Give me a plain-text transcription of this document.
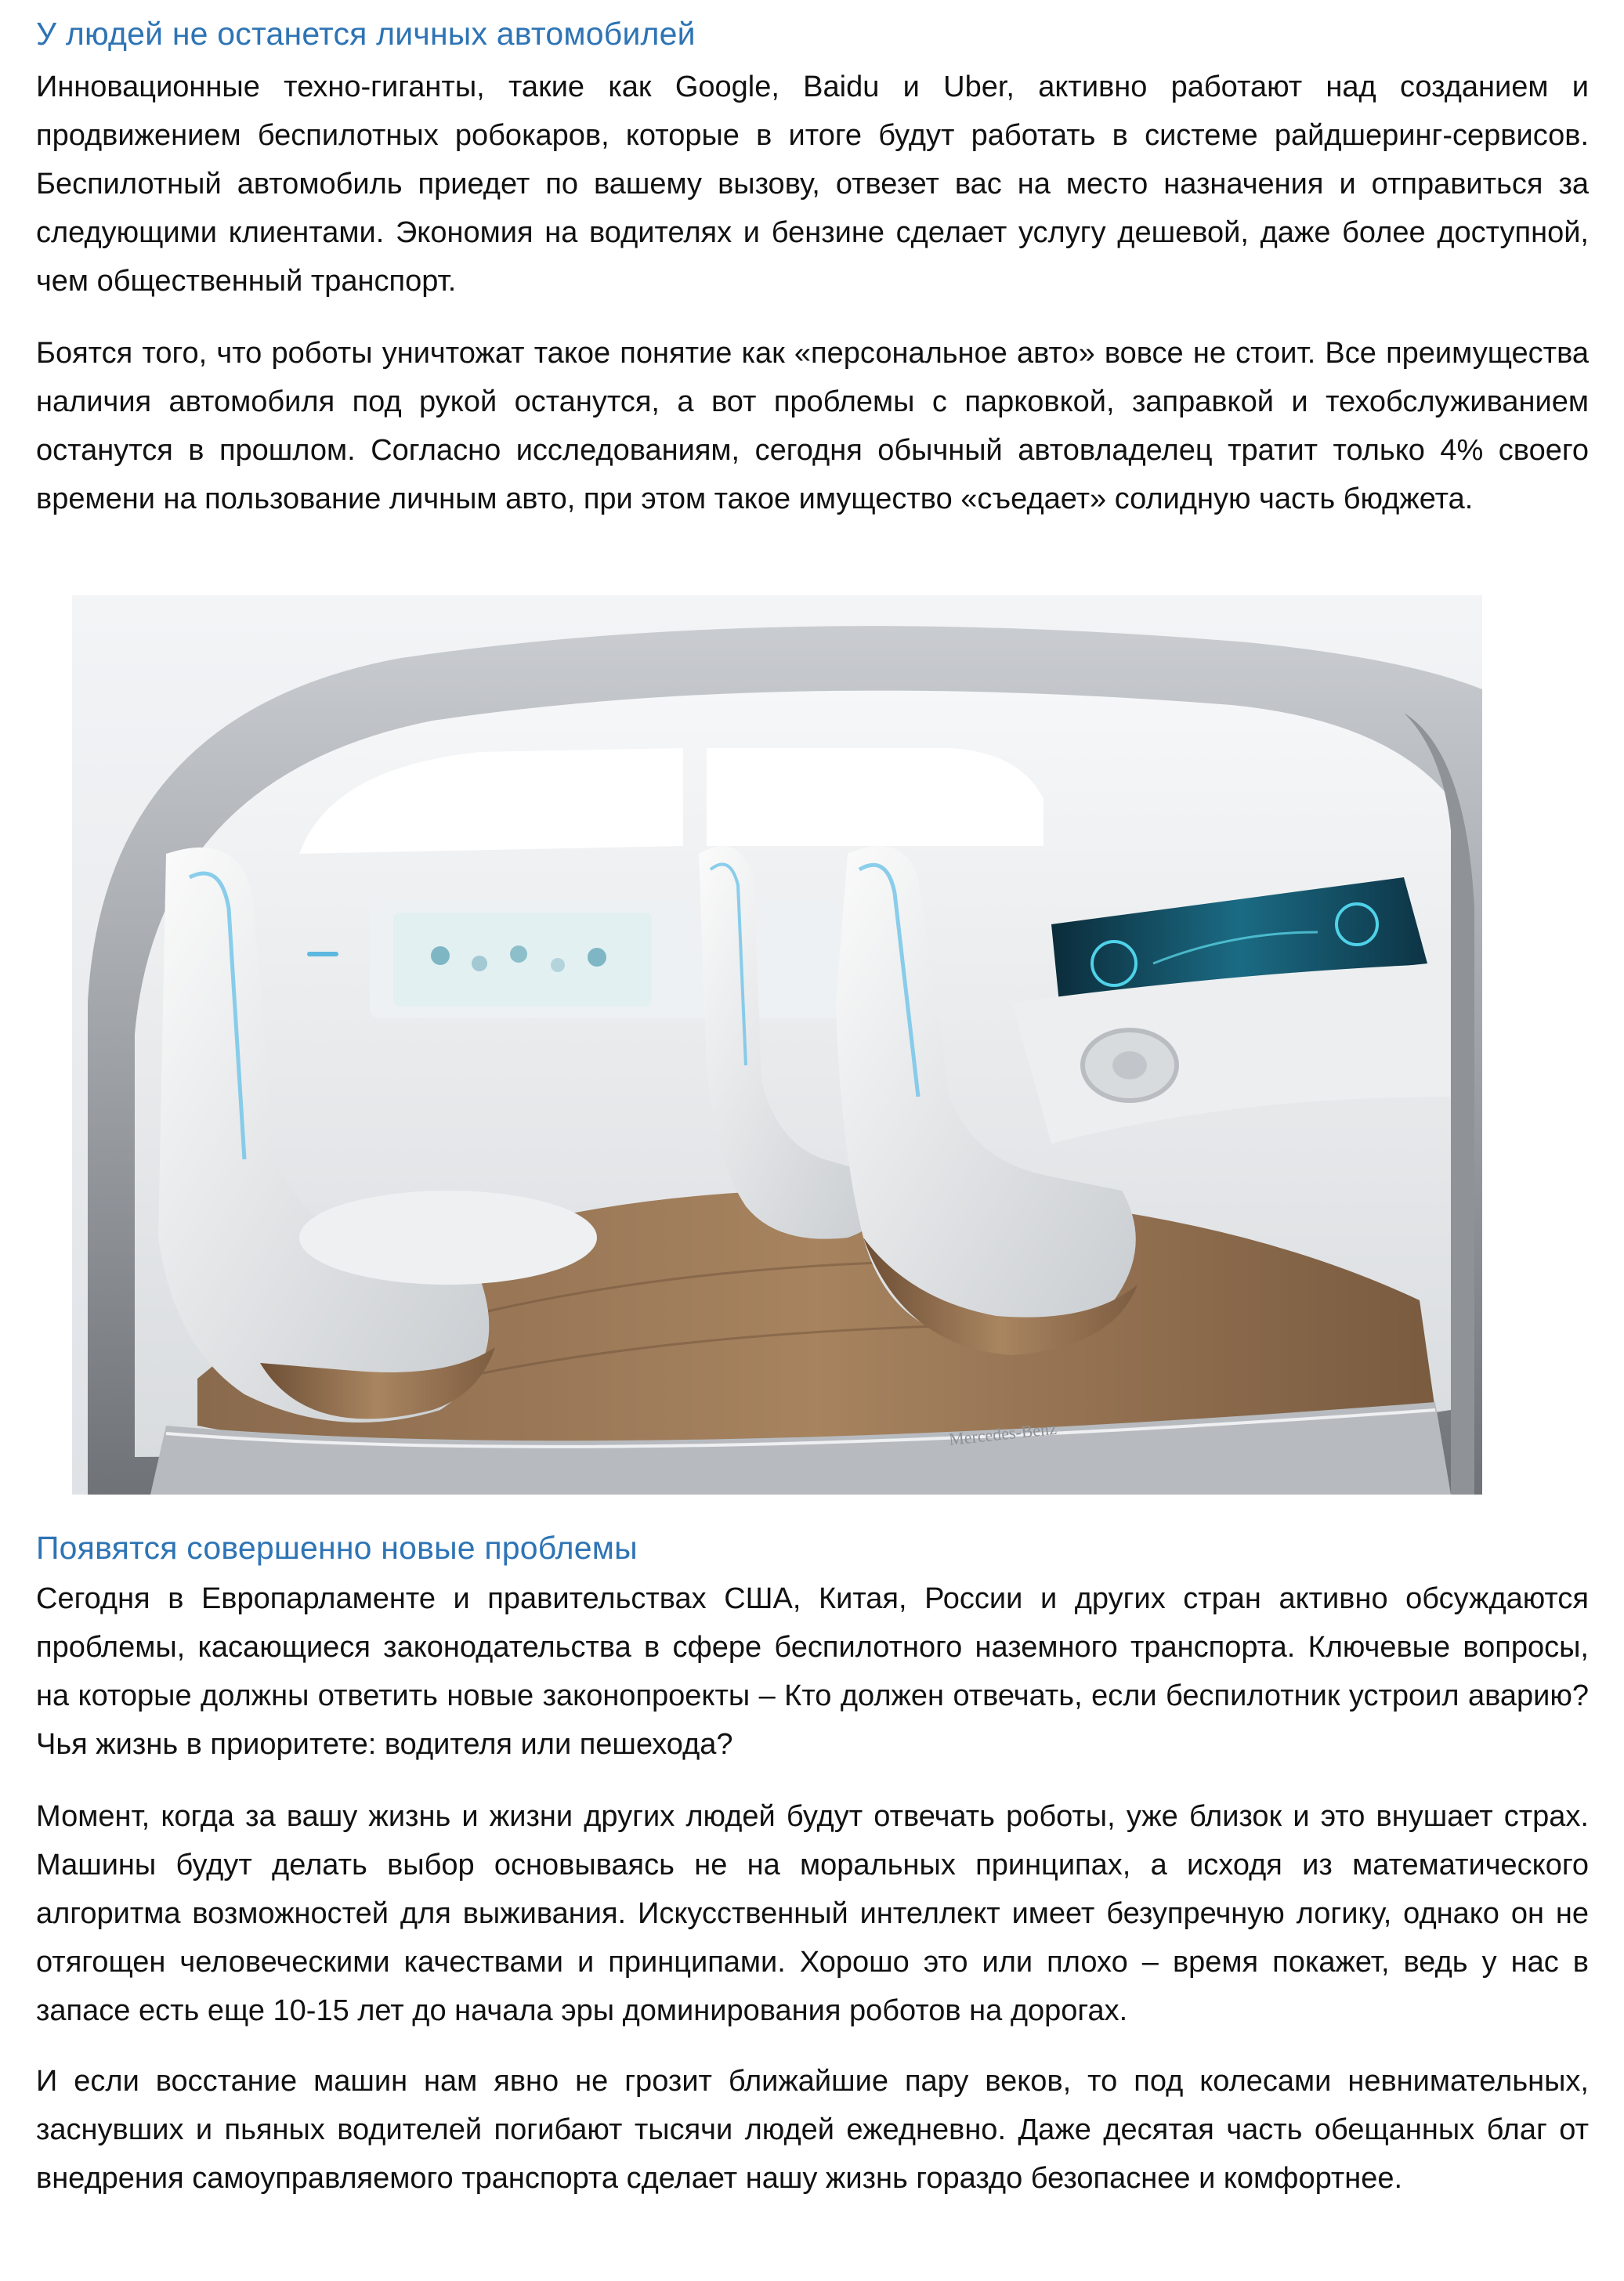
У людей не останется личных автомобилей

Инновационные техно-гиганты, такие как Google, Baidu и Uber, активно работают над созданием и продвижением беспилотных робокаров, которые в итоге будут работать в системе райдшеринг-сервисов. Беспилотный автомобиль приедет по вашему вызову, отвезет вас на место назначения и отправиться за следующими клиентами. Экономия на водителях и бензине сделает услугу дешевой, даже более доступной, чем общественный транспорт.

Боятся того, что роботы уничтожат такое понятие как «персональное авто» вовсе не стоит. Все преимущества наличия автомобиля под рукой останутся, а вот проблемы с парковкой, заправкой и техобслуживанием останутся в прошлом. Согласно исследованиям, сегодня обычный автовладелец тратит только 4% своего времени на пользование личным авто, при этом такое имущество «съедает» солидную часть бюджета.

Появятся совершенно новые проблемы

Сегодня в Европарламенте и правительствах США, Китая, России и других стран активно обсуждаются проблемы, касающиеся законодательства в сфере беспилотного наземного транспорта. Ключевые вопросы, на которые должны ответить новые законопроекты – Кто должен отвечать, если беспилотник устроил аварию? Чья жизнь в приоритете: водителя или пешехода?

Момент, когда за вашу жизнь и жизни других людей будут отвечать роботы, уже близок и это внушает страх. Машины будут делать выбор основываясь не на моральных принципах, а исходя из математического алгоритма возможностей для выживания. Искусственный интеллект имеет безупречную логику, однако он не отягощен человеческими качествами и принципами. Хорошо это или плохо – время покажет, ведь у нас в запасе есть еще 10-15 лет до начала эры доминирования роботов на дорогах.

И если восстание машин нам явно не грозит ближайшие пару веков, то под колесами невнимательных, заснувших и пьяных водителей погибают тысячи людей ежедневно. Даже десятая часть обещанных благ от внедрения самоуправляемого транспорта сделает нашу жизнь гораздо безопаснее и комфортнее.

Mercedes-Benz
